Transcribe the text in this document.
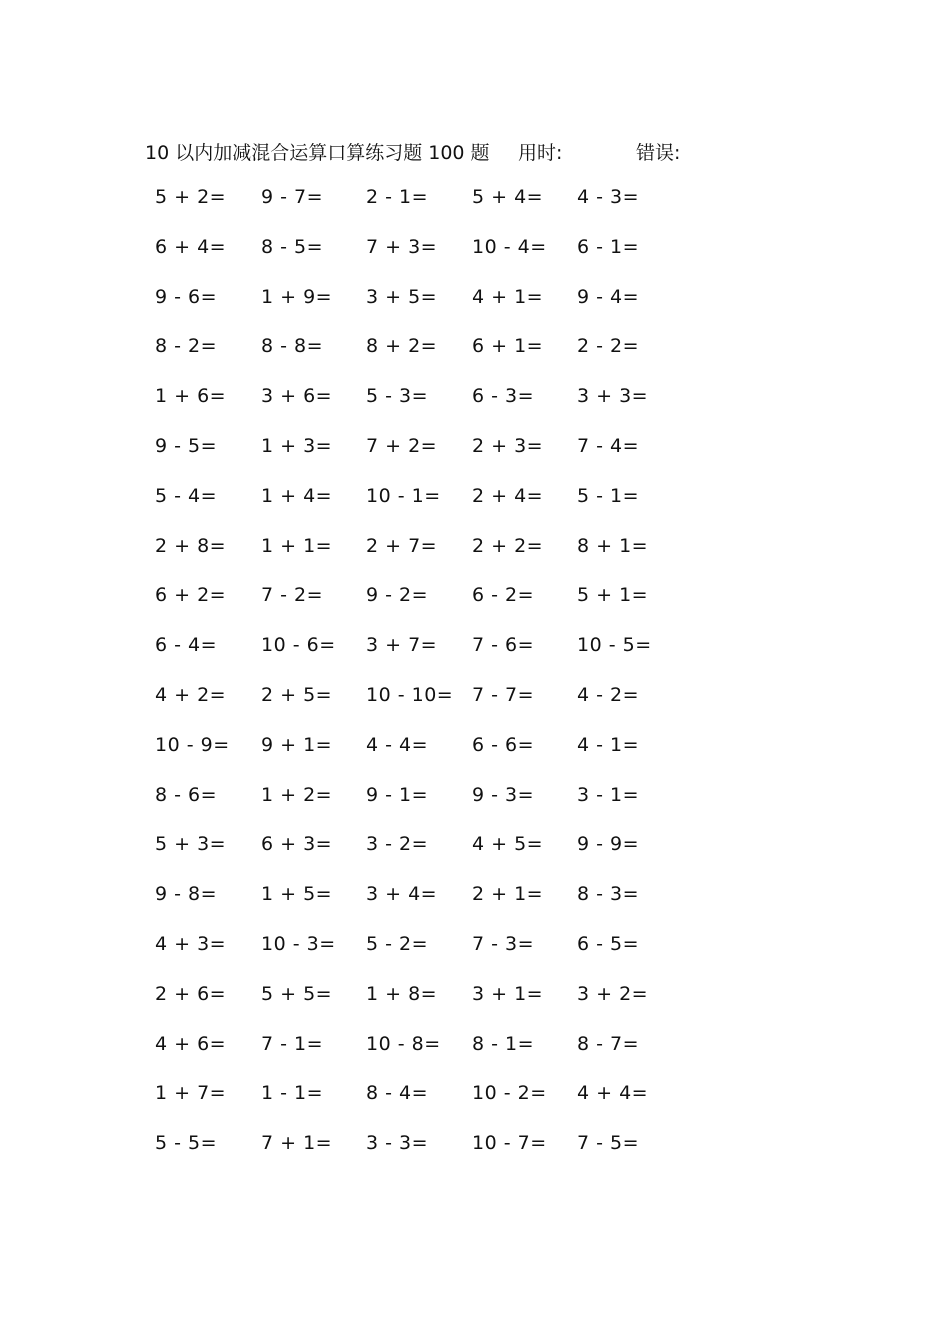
10 以内加减混合运算口算练习题 100 题 用时:	错误:
5 + 2= 9 - 7= 2 - 1= 5 + 4= 4 - 3=
6 + 4= 8 - 5= 7 + 3= 10 - 4= 6 - 1=
9 - 6= 1 + 9= 3 + 5= 4 + 1= 9 - 4=
8 - 2= 8 - 8= 8 + 2= 6 + 1= 2 - 2=
1 + 6= 3 + 6= 5 - 3= 6 - 3= 3 + 3=
9 - 5= 1 + 3= 7 + 2= 2 + 3= 7 - 4=
5 - 4= 1 + 4= 10 - 1= 2 + 4= 5 - 1=
2 + 8= 1 + 1= 2 + 7= 2 + 2= 8 + 1=
6 + 2= 7 - 2= 9 - 2= 6 - 2= 5 + 1=
6 - 4= 10 - 6= 3 + 7= 7 - 6= 10 - 5=
4 + 2= 2 + 5= 10 - 10= 7 - 7= 4 - 2=
10 - 9= 9 + 1= 4 - 4= 6 - 6= 4 - 1=
8 - 6= 1 + 2= 9 - 1= 9 - 3= 3 - 1=
5 + 3= 6 + 3= 3 - 2= 4 + 5= 9 - 9=
9 - 8= 1 + 5= 3 + 4= 2 + 1= 8 - 3=
4 + 3= 10 - 3= 5 - 2= 7 - 3= 6 - 5=
2 + 6= 5 + 5= 1 + 8= 3 + 1= 3 + 2=
4 + 6= 7 - 1= 10 - 8= 8 - 1= 8 - 7=
1 + 7= 1 - 1= 8 - 4= 10 - 2= 4 + 4=
5 - 5= 7 + 1= 3 - 3= 10 - 7= 7 - 5=
